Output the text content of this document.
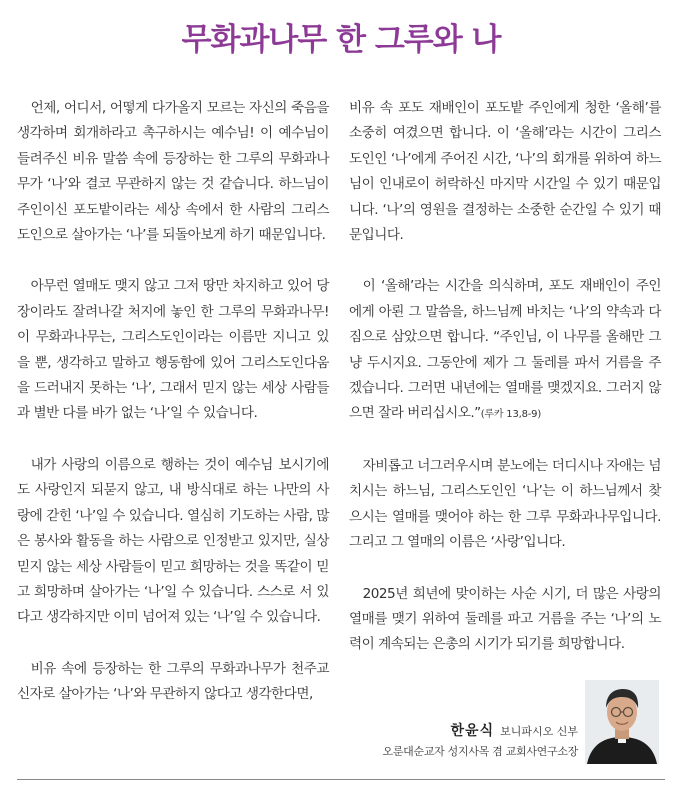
무화과나무 한 그루와 나

언제, 어디서, 어떻게 다가올지 모르는 자신의 죽음을 생각하며 회개하라고 촉구하시는 예수님! 이 예수님이 들려주신 비유 말씀 속에 등장하는 한 그루의 무화과나무가 ‘나’와 결코 무관하지 않는 것 같습니다. 하느님이 주인이신 포도밭이라는 세상 속에서 한 사람의 그리스도인으로 살아가는 ‘나’를 되돌아보게 하기 때문입니다.

아무런 열매도 맺지 않고 그저 땅만 차지하고 있어 당장이라도 잘려나갈 처지에 놓인 한 그루의 무화과나무! 이 무화과나무는, 그리스도인이라는 이름만 지니고 있을 뿐, 생각하고 말하고 행동함에 있어 그리스도인다움을 드러내지 못하는 ‘나’, 그래서 믿지 않는 세상 사람들과 별반 다를 바가 없는 ‘나’일 수 있습니다.

내가 사랑의 이름으로 행하는 것이 예수님 보시기에도 사랑인지 되묻지 않고, 내 방식대로 하는 나만의 사랑에 갇힌 ‘나’일 수 있습니다. 열심히 기도하는 사람, 많은 봉사와 활동을 하는 사람으로 인정받고 있지만, 실상 믿지 않는 세상 사람들이 믿고 희망하는 것을 똑같이 믿고 희망하며 살아가는 ‘나’일 수 있습니다. 스스로 서 있다고 생각하지만 이미 넘어져 있는 ‘나’일 수 있습니다.

비유 속에 등장하는 한 그루의 무화과나무가 천주교 신자로 살아가는 ‘나’와 무관하지 않다고 생각한다면,

비유 속 포도 재배인이 포도밭 주인에게 청한 ‘올해’를 소중히 여겼으면 합니다. 이 ‘올해’라는 시간이 그리스도인인 ‘나’에게 주어진 시간, ‘나’의 회개를 위하여 하느님이 인내로이 허락하신 마지막 시간일 수 있기 때문입니다. ‘나’의 영원을 결정하는 소중한 순간일 수 있기 때문입니다.

이 ‘올해’라는 시간을 의식하며, 포도 재배인이 주인에게 아뢴 그 말씀을, 하느님께 바치는 ‘나’의 약속과 다짐으로 삼았으면 합니다. “주인님, 이 나무를 올해만 그냥 두시지요. 그동안에 제가 그 둘레를 파서 거름을 주겠습니다. 그러면 내년에는 열매를 맺겠지요. 그러지 않으면 잘라 버리십시오.”(루카 13,8-9)

자비롭고 너그러우시며 분노에는 더디시나 자애는 넘치시는 하느님, 그리스도인인 ‘나’는 이 하느님께서 찾으시는 열매를 맺어야 하는 한 그루 무화과나무입니다. 그리고 그 열매의 이름은 ‘사랑’입니다.

2025년 희년에 맞이하는 사순 시기, 더 많은 사랑의 열매를 맺기 위하여 둘레를 파고 거름을 주는 ‘나’의 노력이 계속되는 은총의 시기가 되기를 희망합니다.

한윤식 보니파시오 신부
오룬대순교자 성지사목 겸 교회사연구소장
